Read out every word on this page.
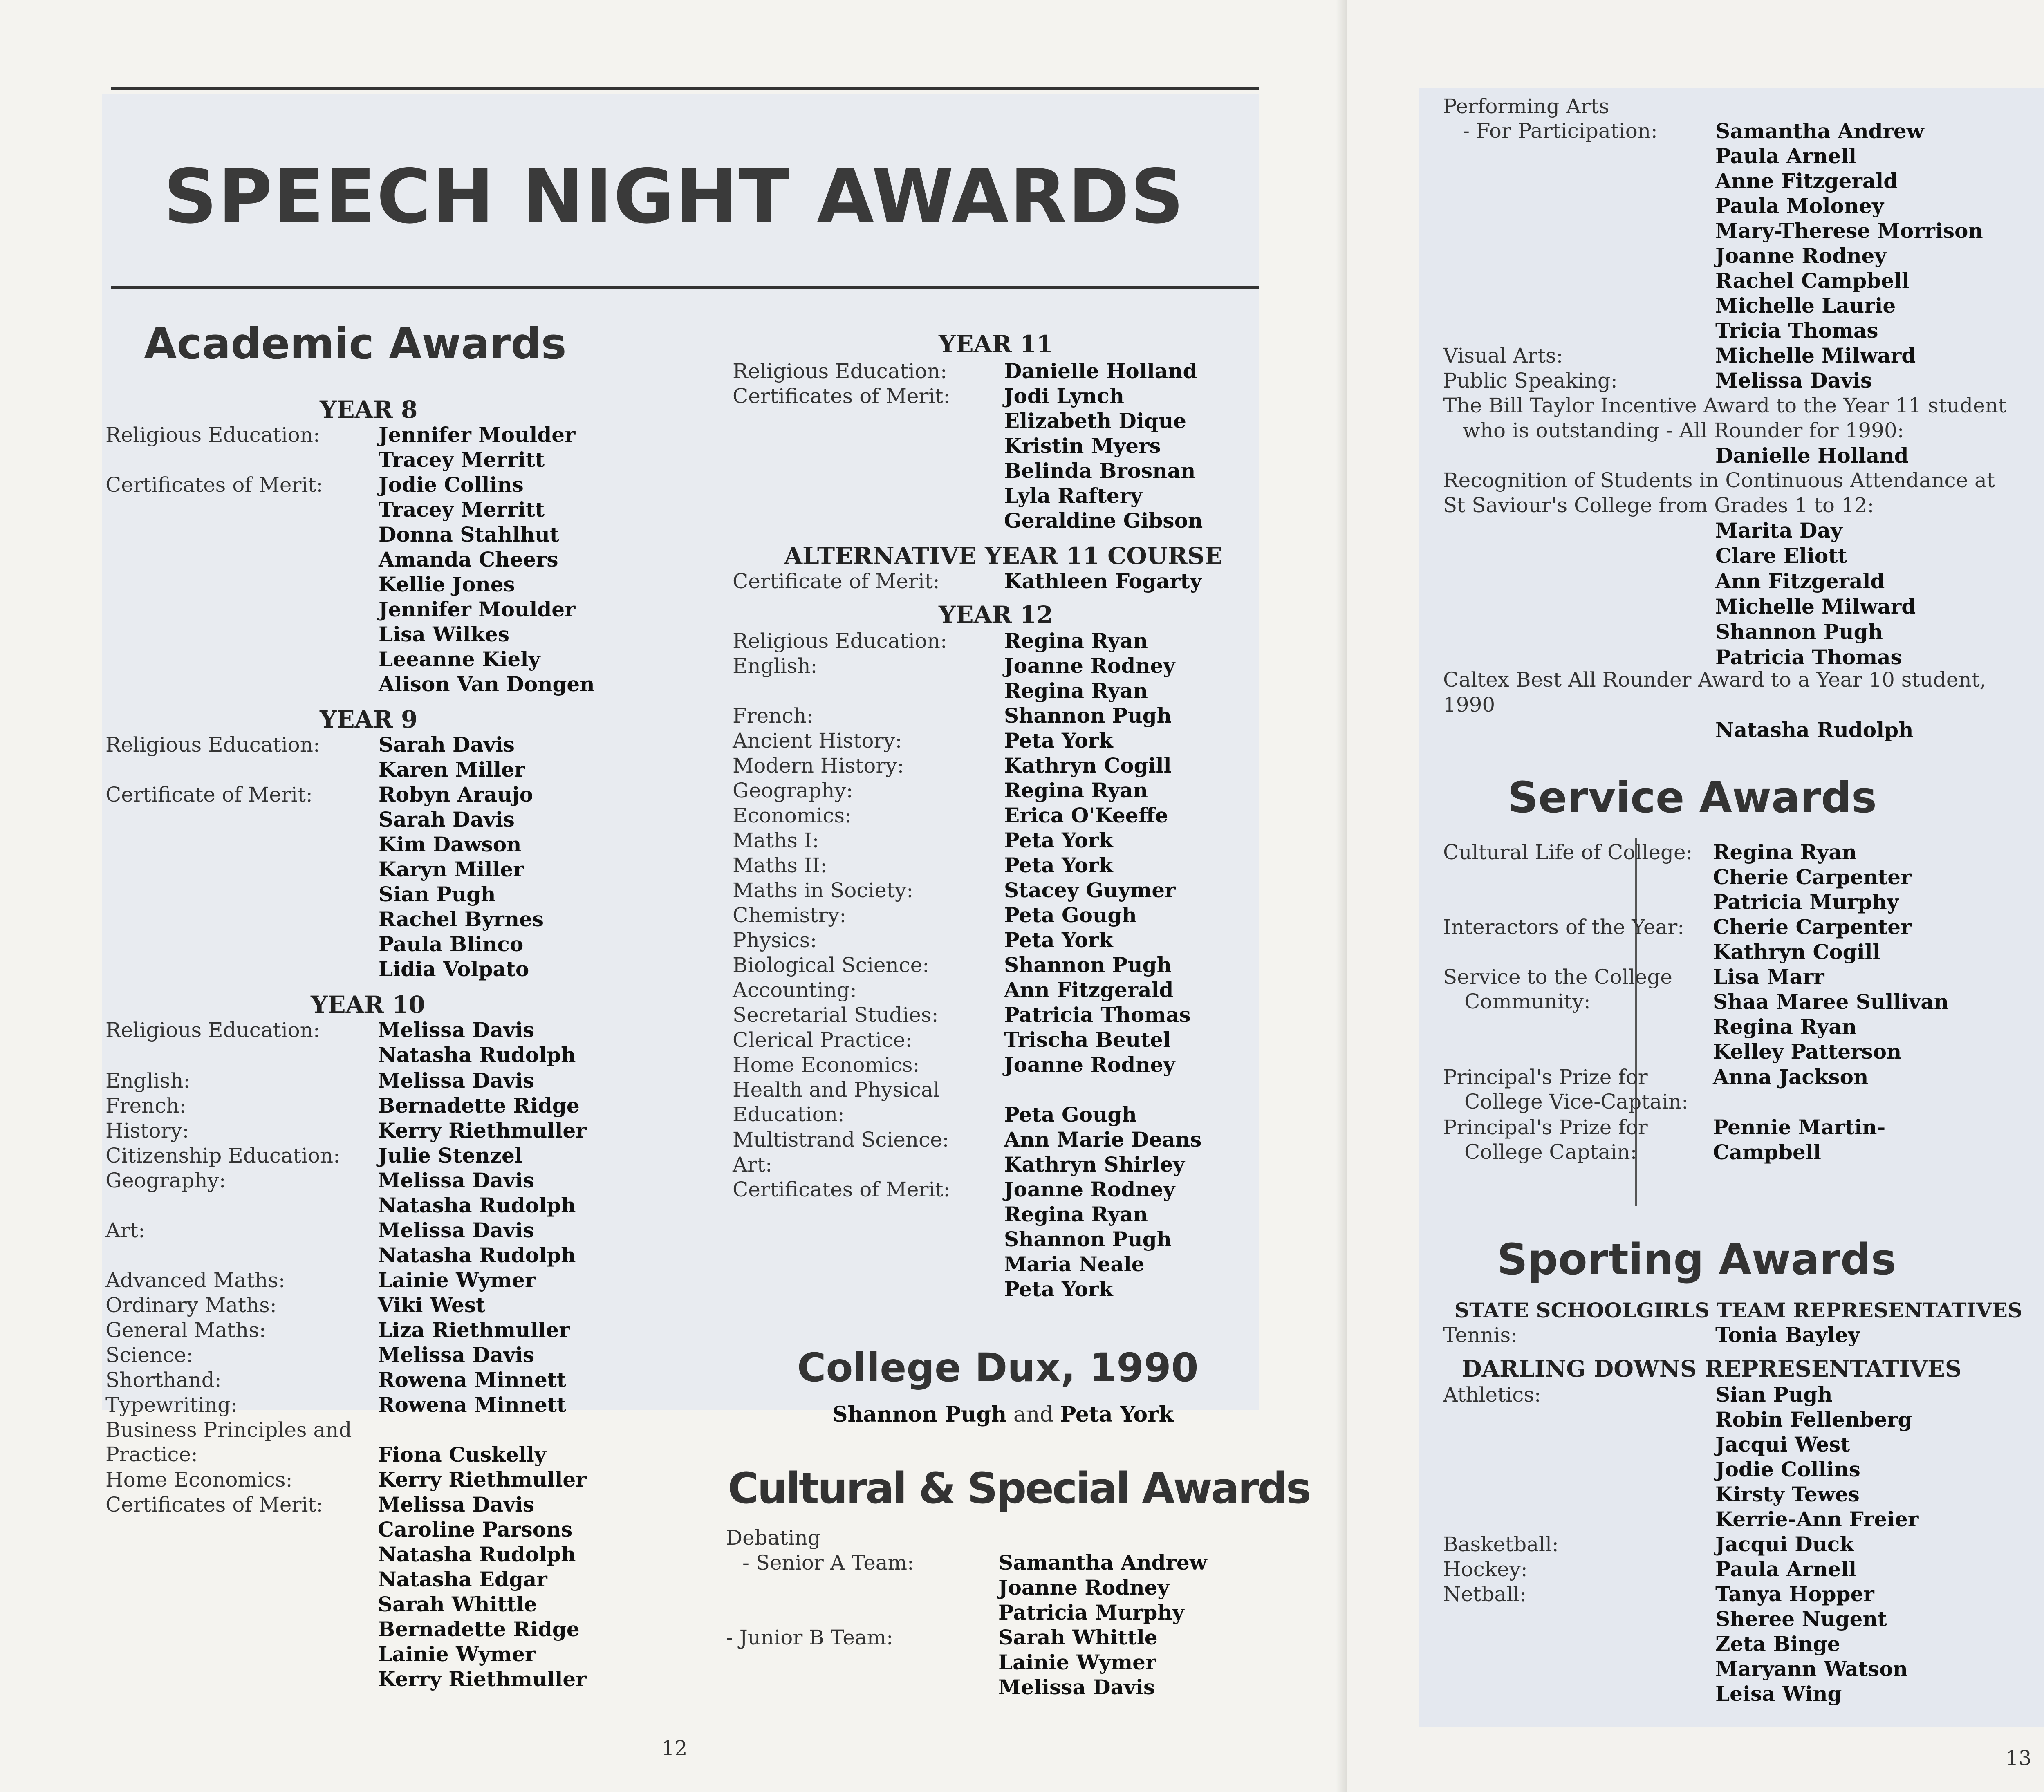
SPEECH NIGHT AWARDS
Academic Awards
YEAR 8
Religious Education:	Jennifer Moulder
Tracey Merritt
Certificates of Merit:	Jodie Collins
Tracey Merritt
Donna Stahlhut
Amanda Cheers
Kellie Jones
Jennifer Moulder
Lisa Wilkes
Leeanne Kiely
Alison Van Dongen
YEAR 9
Religious Education:	Sarah Davis
Karen Miller
Certificate of Merit:	Robyn Araujo
Sarah Davis
Kim Dawson
Karyn Miller
Sian Pugh
Rachel Byrnes
Paula Blinco
Lidia Volpato
YEAR 10
Religious Education:	Melissa Davis
Natasha Rudolph
English:	Melissa Davis
French:	Bernadette Ridge
History:	Kerry Riethmuller
Citizenship Education: Julie Stenzel
Geography:	Melissa Davis
Natasha Rudolph
Art:	Melissa Davis
Natasha Rudolph
Advanced Maths:	Lainie Wymer
Ordinary Maths:	Viki West
General Maths:	Liza Riethmuller
Science:	Melissa Davis
Shorthand:	Rowena Minnett
Typewriting:	Rowena Minnett
Business Principles and
Practice:	Fiona Cuskelly
Home Economics:	Kerry Riethmuller
Certificates of Merit:	Melissa Davis
Caroline Parsons
Natasha Rudolph
Natasha Edgar
Sarah Whittle
Bernadette Ridge
Lainie Wymer
Kerry Riethmuller
YEAR 11
Religious Education:	Danielle Holland
Certificates of Merit:	Jodi Lynch
Elizabeth Dique
Kristin Myers
Belinda Brosnan
Lyla Raftery
Geraldine Gibson
ALTERNATIVE YEAR 11 COURSE
Certificate of Merit:	Kathleen Fogarty
YEAR 12
Religious Education:	Regina Ryan
English:	Joanne Rodney
Regina Ryan
French:	Shannon Pugh
Ancient History:	Peta York
Modern History:	Kathryn Cogill
Geography:	Regina Ryan
Economics:	Erica O'Keeffe
Maths I:	Peta York
Maths II:	Peta York
Maths in Society:	Stacey Guymer
Chemistry:	Peta Gough
Physics:	Peta York
Biological Science:	Shannon Pugh
Accounting:	Ann Fitzgerald
Secretarial Studies:	Patricia Thomas
Clerical Practice:	Trischa Beutel
Home Economics:	Joanne Rodney
Health and Physical
Education:	Peta Gough
Multistrand Science:	Ann Marie Deans
Art:	Kathryn Shirley
Certificates of Merit:	Joanne Rodney
Regina Ryan
Shannon Pugh
Maria Neale
Peta York
College Dux, 1990
Shannon Pugh and Peta York
Cultural & Special Awards
Debating
- Senior A Team:	Samantha Andrew
Joanne Rodney
Patricia Murphy
- Junior B Team:	Sarah Whittle
Lainie Wymer
Melissa Davis
12
Performing Arts
- For Participation:	Samantha Andrew
Paula Arnell
Anne Fitzgerald
Paula Moloney
Mary-Therese Morrison
Joanne Rodney
Rachel Campbell
Michelle Laurie
Tricia Thomas
Visual Arts:	Michelle Milward
Public Speaking:	Melissa Davis
The Bill Taylor Incentive Award to the Year 11 student
who is outstanding - All Rounder for 1990:
Danielle Holland
Recognition of Students in Continuous Attendance at
St Saviour's College from Grades 1 to 12:
Marita Day
Clare Eliott
Ann Fitzgerald
Michelle Milward
Shannon Pugh
Patricia Thomas
Caltex Best All Rounder Award to a Year 10 student,
1990
Natasha Rudolph
Service Awards
Cultural Life of College: Regina Ryan
Cherie Carpenter
Patricia Murphy
Interactors of the Year: Cherie Carpenter
Kathryn Cogill
Lisa Marr
Service to the College
Community:	Shaa Maree Sullivan
Regina Ryan
Kelley Patterson
Principal's Prize for
College Vice-Captain:
Anna Jackson
Principal's Prize for
College Captain:
Pennie Martin-
Campbell
Sporting Awards
STATE SCHOOLGIRLS TEAM REPRESENTATIVES
Tennis:	Tonia Bayley
DARLING DOWNS REPRESENTATIVES
Athletics:	Sian Pugh
Robin Fellenberg
Jacqui West
Jodie Collins
Kirsty Tewes
Kerrie-Ann Freier
Basketball:	Jacqui Duck
Hockey:	Paula Arnell
Netball:	Tanya Hopper
Sheree Nugent
Zeta Binge
Maryann Watson
Leisa Wing
13
